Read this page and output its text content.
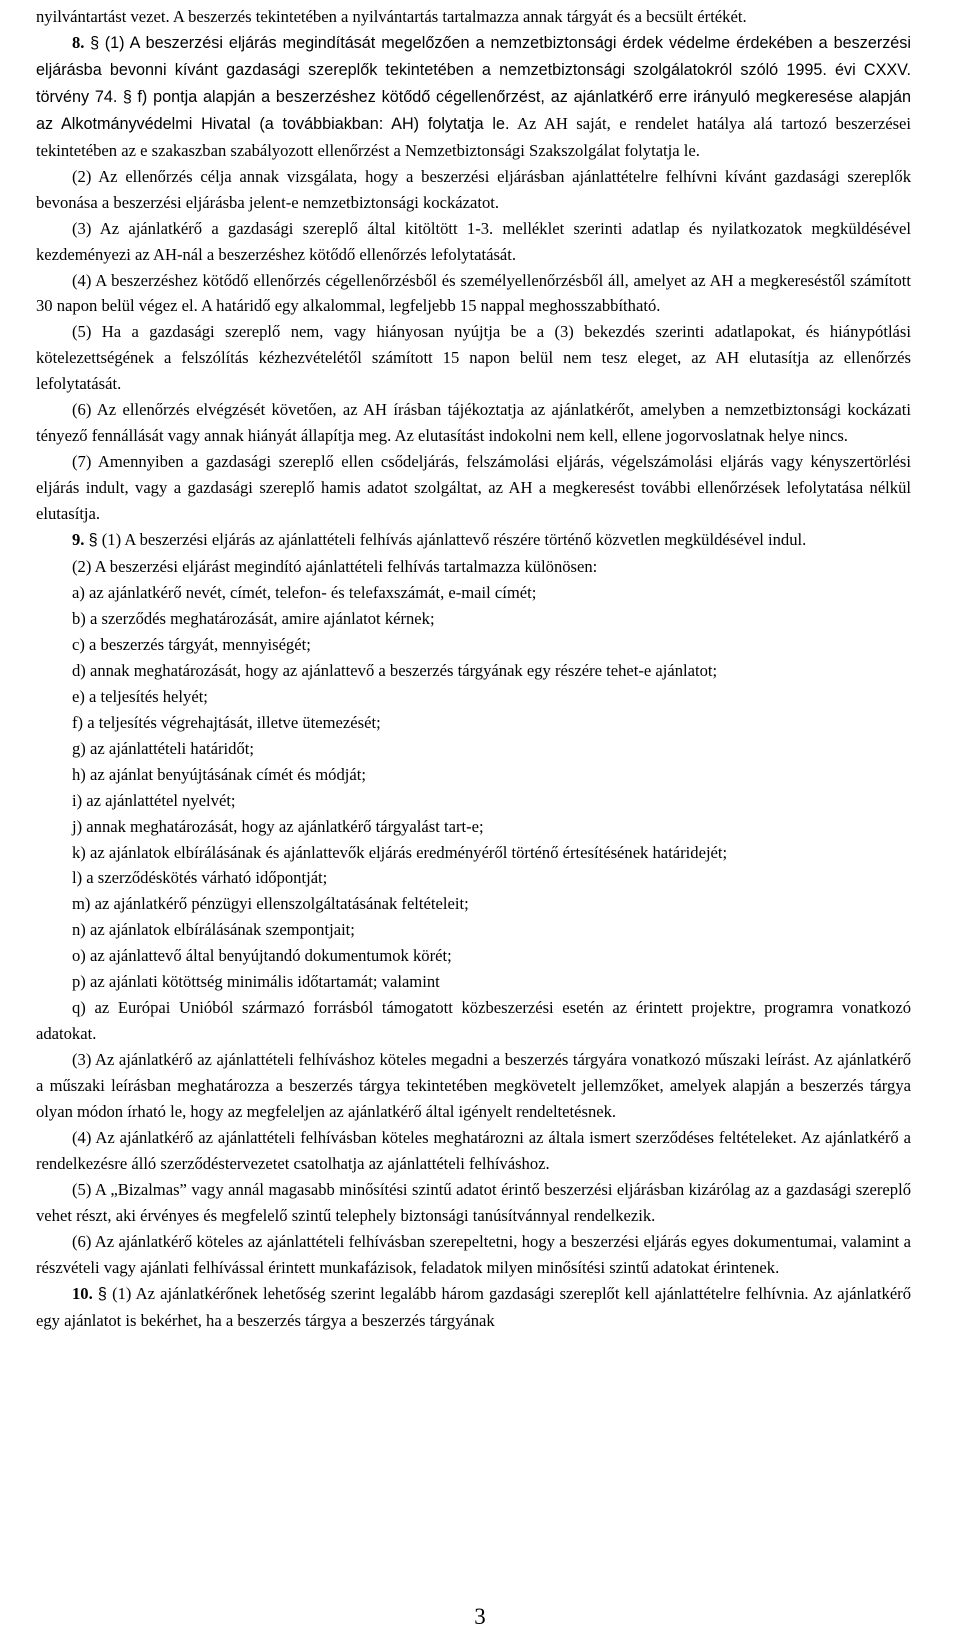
nyilvántartást vezet. A beszerzés tekintetében a nyilvántartás tartalmazza annak tárgyát és a becsült értékét.

8. § (1) A beszerzési eljárás megindítását megelőzően a nemzetbiztonsági érdek védelme érdekében a beszerzési eljárásba bevonni kívánt gazdasági szereplők tekintetében a nemzetbiztonsági szolgálatokról szóló 1995. évi CXXV. törvény 74. § f) pontja alapján a beszerzéshez kötődő cégellenőrzést, az ajánlatkérő erre irányuló megkeresése alapján az Alkotmányvédelmi Hivatal (a továbbiakban: AH) folytatja le. Az AH saját, e rendelet hatálya alá tartozó beszerzései tekintetében az e szakaszban szabályozott ellenőrzést a Nemzetbiztonsági Szakszolgálat folytatja le.

(2) Az ellenőrzés célja annak vizsgálata, hogy a beszerzési eljárásban ajánlattételre felhívni kívánt gazdasági szereplők bevonása a beszerzési eljárásba jelent-e nemzetbiztonsági kockázatot.

(3) Az ajánlatkérő a gazdasági szereplő által kitöltött 1-3. melléklet szerinti adatlap és nyilatkozatok megküldésével kezdeményezi az AH-nál a beszerzéshez kötődő ellenőrzés lefolytatását.

(4) A beszerzéshez kötődő ellenőrzés cégellenőrzésből és személyellenőrzésből áll, amelyet az AH a megkereséstől számított 30 napon belül végez el. A határidő egy alkalommal, legfeljebb 15 nappal meghosszabbítható.

(5) Ha a gazdasági szereplő nem, vagy hiányosan nyújtja be a (3) bekezdés szerinti adatlapokat, és hiánypótlási kötelezettségének a felszólítás kézhezvételétől számított 15 napon belül nem tesz eleget, az AH elutasítja az ellenőrzés lefolytatását.

(6) Az ellenőrzés elvégzését követően, az AH írásban tájékoztatja az ajánlatkérőt, amelyben a nemzetbiztonsági kockázati tényező fennállását vagy annak hiányát állapítja meg. Az elutasítást indokolni nem kell, ellene jogorvoslatnak helye nincs.

(7) Amennyiben a gazdasági szereplő ellen csődeljárás, felszámolási eljárás, végelszámolási eljárás vagy kényszertörlési eljárás indult, vagy a gazdasági szereplő hamis adatot szolgáltat, az AH a megkeresést további ellenőrzések lefolytatása nélkül elutasítja.

9. § (1) A beszerzési eljárás az ajánlattételi felhívás ajánlattevő részére történő közvetlen megküldésével indul.

(2) A beszerzési eljárást megindító ajánlattételi felhívás tartalmazza különösen:

a) az ajánlatkérő nevét, címét, telefon- és telefaxszámát, e-mail címét;

b) a szerződés meghatározását, amire ajánlatot kérnek;

c) a beszerzés tárgyát, mennyiségét;

d) annak meghatározását, hogy az ajánlattevő a beszerzés tárgyának egy részére tehet-e ajánlatot;

e) a teljesítés helyét;

f) a teljesítés végrehajtását, illetve ütemezését;

g) az ajánlattételi határidőt;

h) az ajánlat benyújtásának címét és módját;

i) az ajánlattétel nyelvét;

j) annak meghatározását, hogy az ajánlatkérő tárgyalást tart-e;

k) az ajánlatok elbírálásának és ajánlattevők eljárás eredményéről történő értesítésének határidejét;

l) a szerződéskötés várható időpontját;

m) az ajánlatkérő pénzügyi ellenszolgáltatásának feltételeit;

n) az ajánlatok elbírálásának szempontjait;

o) az ajánlattevő által benyújtandó dokumentumok körét;

p) az ajánlati kötöttség minimális időtartamát; valamint

q) az Európai Unióból származó forrásból támogatott közbeszerzési esetén az érintett projektre, programra vonatkozó adatokat.

(3) Az ajánlatkérő az ajánlattételi felhíváshoz köteles megadni a beszerzés tárgyára vonatkozó műszaki leírást. Az ajánlatkérő a műszaki leírásban meghatározza a beszerzés tárgya tekintetében megkövetelt jellemzőket, amelyek alapján a beszerzés tárgya olyan módon írható le, hogy az megfeleljen az ajánlatkérő által igényelt rendeltetésnek.

(4) Az ajánlatkérő az ajánlattételi felhívásban köteles meghatározni az általa ismert szerződéses feltételeket. Az ajánlatkérő a rendelkezésre álló szerződéstervezetet csatolhatja az ajánlattételi felhíváshoz.

(5) A „Bizalmas” vagy annál magasabb minősítési szintű adatot érintő beszerzési eljárásban kizárólag az a gazdasági szereplő vehet részt, aki érvényes és megfelelő szintű telephely biztonsági tanúsítvánnyal rendelkezik.

(6) Az ajánlatkérő köteles az ajánlattételi felhívásban szerepeltetni, hogy a beszerzési eljárás egyes dokumentumai, valamint a részvételi vagy ajánlati felhívással érintett munkafázisok, feladatok milyen minősítési szintű adatokat érintenek.

10. § (1) Az ajánlatkérőnek lehetőség szerint legalább három gazdasági szereplőt kell ajánlattételre felhívnia. Az ajánlatkérő egy ajánlatot is bekérhet, ha a beszerzés tárgya a beszerzés tárgyának

3
